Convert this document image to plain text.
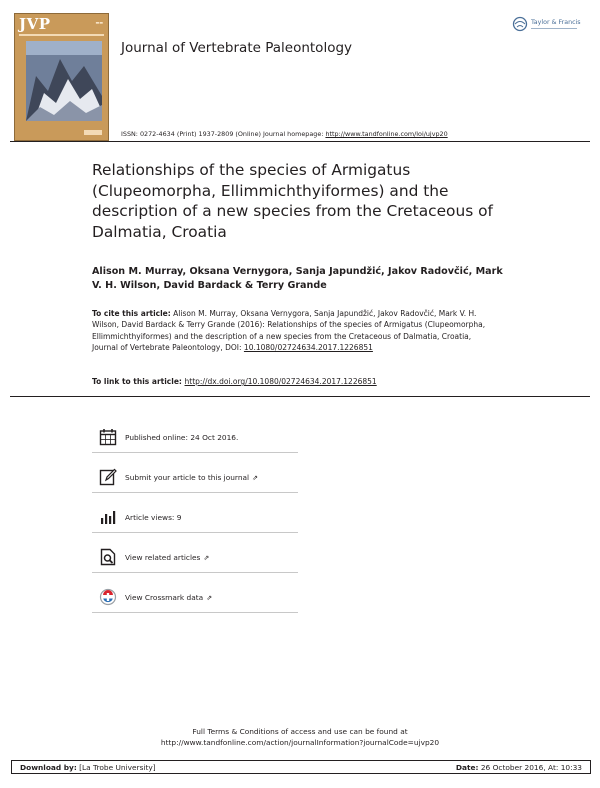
JVP	▬▬
Journal of Vertebrate Paleontology
Taylor & Francis
ISSN: 0272-4634 (Print) 1937-2809 (Online) Journal homepage: http://www.tandfonline.com/loi/ujvp20
Relationships of the species of Armigatus (Clupeomorpha, Ellimmichthyiformes) and the description of a new species from the Cretaceous of Dalmatia, Croatia
Alison M. Murray, Oksana Vernygora, Sanja Japundžić, Jakov Radovčić, Mark V. H. Wilson, David Bardack & Terry Grande
To cite this article: Alison M. Murray, Oksana Vernygora, Sanja Japundžić, Jakov Radovčić, Mark V. H. Wilson, David Bardack & Terry Grande (2016): Relationships of the species of Armigatus (Clupeomorpha, Ellimmichthyiformes) and the description of a new species from the Cretaceous of Dalmatia, Croatia, Journal of Vertebrate Paleontology, DOI: 10.1080/02724634.2017.1226851
To link to this article: http://dx.doi.org/10.1080/02724634.2017.1226851
Published online: 24 Oct 2016.
Submit your article to this journal ⇗
Article views: 9
View related articles ⇗
View Crossmark data ⇗
Full Terms & Conditions of access and use can be found at
http://www.tandfonline.com/action/journalInformation?journalCode=ujvp20
Download by: [La Trobe University]	Date: 26 October 2016, At: 10:33
